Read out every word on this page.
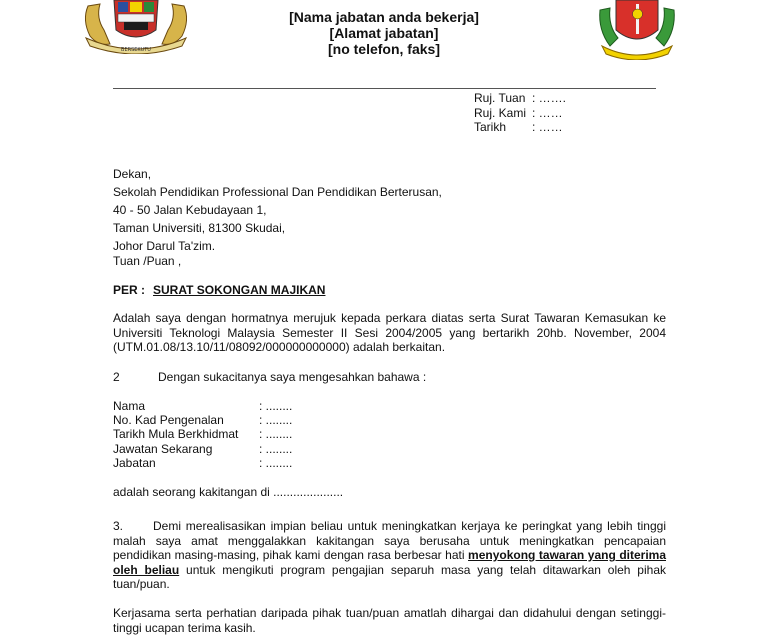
BERSEKUTU
[Nama jabatan anda bekerja]
[Alamat jabatan]
[no telefon, faks]
Ruj. Tuan : …….
Ruj. Kami : ……
Tarikh : ……
Dekan,
Sekolah Pendidikan Professional Dan Pendidikan Berterusan,
40 - 50 Jalan Kebudayaan 1,
Taman Universiti, 81300 Skudai,
Johor Darul Ta'zim.
Tuan /Puan ,
PER : SURAT SOKONGAN MAJIKAN
Adalah saya dengan hormatnya merujuk kepada perkara diatas serta Surat Tawaran Kemasukan ke Universiti Teknologi Malaysia Semester II Sesi 2004/2005 yang bertarikh 20hb. November, 2004 (UTM.01.08/13.10/11/08092/000000000000) adalah berkaitan.
2	Dengan sukacitanya saya mengesahkan bahawa :
Nama	: ........
No. Kad Pengenalan	: ........
Tarikh Mula Berkhidmat : ........
Jawatan Sekarang	: ........
Jabatan	: ........
adalah seorang kakitangan di .....................
3.	Demi merealisasikan impian beliau untuk meningkatkan kerjaya ke peringkat yang lebih tinggi malah saya amat menggalakkan kakitangan saya berusaha untuk meningkatkan pencapaian pendidikan masing-masing, pihak kami dengan rasa berbesar hati menyokong tawaran yang diterima oleh beliau untuk mengikuti program pengajian separuh masa yang telah ditawarkan oleh pihak tuan/puan.
Kerjasama serta perhatian daripada pihak tuan/puan amatlah dihargai dan didahului dengan setinggi-tinggi ucapan terima kasih.
